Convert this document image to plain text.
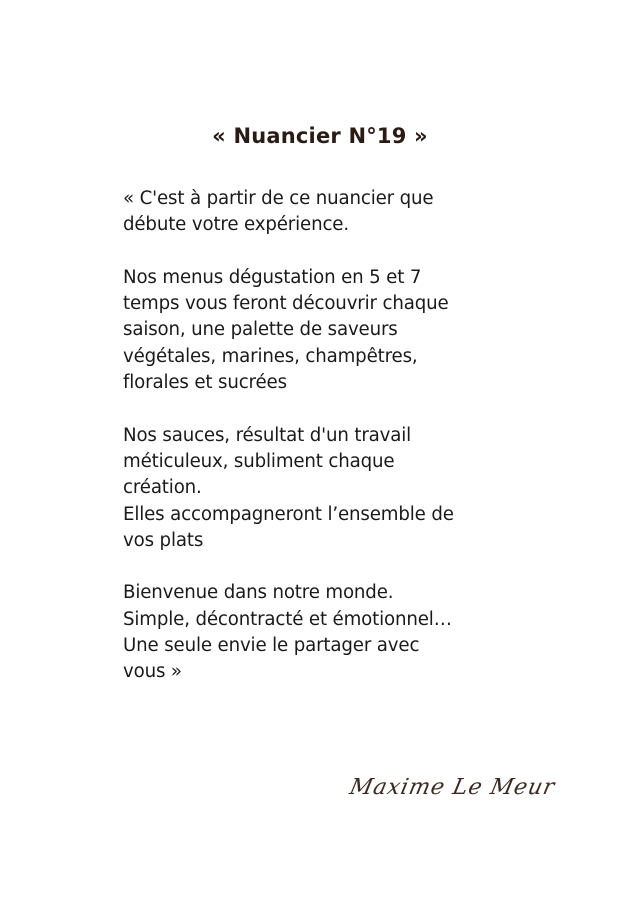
« Nuancier N°19 »

« C'est à partir de ce nuancier que
débute votre expérience.

Nos menus dégustation en 5 et 7
temps vous feront découvrir chaque
saison, une palette de saveurs
végétales, marines, champêtres,
florales et sucrées

Nos sauces, résultat d'un travail
méticuleux, subliment chaque
création.
Elles accompagneront l’ensemble de
vos plats

Bienvenue dans notre monde.
Simple, décontracté et émotionnel…
Une seule envie le partager avec
vous »

Maxime Le Meur
